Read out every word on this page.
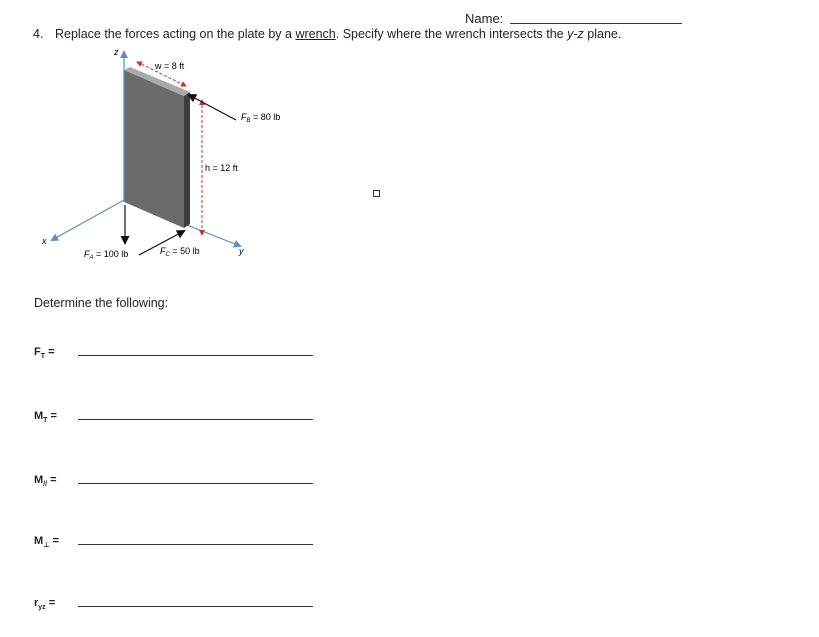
Name:
4. Replace the forces acting on the plate by a wrench. Specify where the wrench intersects the y-z plane.
z
x
y
w = 8 ft
h = 12 ft
$F_B = 80$ lb
$F_A = 100$ lb	$F_C = 50$ lb
Determine the following:
$F_T$ =
$M_T$ =
$M_{//}$ =
$M_\perp$ =
$r_{yz}$ =
